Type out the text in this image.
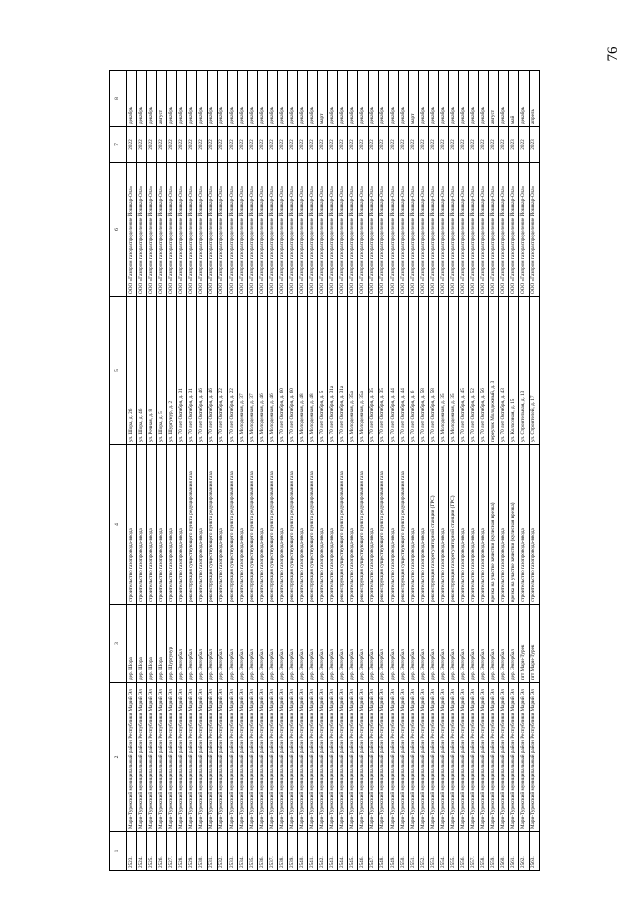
76
1	2	3	4	5	6	7	8
2523.	Мари-Турекский муниципальный район Республики Марий Эл	дер. Шора	строительство газопровода-ввода	ул. Шора, д. 26	ООО «Газпром газораспределение Йошкар-Ола»	2022	декабрь
2524.	Мари-Турекский муниципальный район Республики Марий Эл	дер. Шора	строительство газопровода-ввода	ул. Шора, д. 46	ООО «Газпром газораспределение Йошкар-Ола»	2022	декабрь
2525.	Мари-Турекский муниципальный район Республики Марий Эл	дер. Шора	строительство газопровода-ввода	ул. Речная, д. 8	ООО «Газпром газораспределение Йошкар-Ола»	2022	декабрь
2526.	Мари-Турекский муниципальный район Республики Марий Эл	дер. Шора	строительство газопровода-ввода	ул. Шора, д. 5	ООО «Газпром газораспределение Йошкар-Ола»	2022	август
2527.	Мари-Турекский муниципальный район Республики Марий Эл	дер. Шургунур	строительство газопровода-ввода	ул. Шургунур, д. 2	ООО «Газпром газораспределение Йошкар-Ола»	2022	декабрь
2528.	Мари-Турекский муниципальный район Республики Марий Эл	дер. Энгербал	строительство газопровода-ввода	ул. 70 лет Октября, д. 31	ООО «Газпром газораспределение Йошкар-Ола»	2022	декабрь
2529.	Мари-Турекский муниципальный район Республики Марий Эл	дер. Энгербал	реконструкция существующего пункта редуцирования газа	ул. 70 лет Октября, д. 31	ООО «Газпром газораспределение Йошкар-Ола»	2022	декабрь
2530.	Мари-Турекский муниципальный район Республики Марий Эл	дер. Энгербал	строительство газопровода-ввода	ул. 70 лет Октября, д. 46	ООО «Газпром газораспределение Йошкар-Ола»	2022	декабрь
2531.	Мари-Турекский муниципальный район Республики Марий Эл	дер. Энгербал	реконструкция существующего пункта редуцирования газа	ул. 70 лет Октября, д. 46	ООО «Газпром газораспределение Йошкар-Ола»	2022	декабрь
2532.	Мари-Турекский муниципальный район Республики Марий Эл	дер. Энгербал	строительство газопровода-ввода	ул. 70 лет Октября, д. 22	ООО «Газпром газораспределение Йошкар-Ола»	2022	декабрь
2533.	Мари-Турекский муниципальный район Республики Марий Эл	дер. Энгербал	реконструкция существующего пункта редуцирования газа	ул. 70 лет Октября, д. 22	ООО «Газпром газораспределение Йошкар-Ола»	2022	декабрь
2534.	Мари-Турекский муниципальный район Республики Марий Эл	дер. Энгербал	строительство газопровода-ввода	ул. Молодежная, д. 37	ООО «Газпром газораспределение Йошкар-Ола»	2022	декабрь
2535.	Мари-Турекский муниципальный район Республики Марий Эл	дер. Энгербал	реконструкция существующего пункта редуцирования газа	ул. Молодежная, д. 37	ООО «Газпром газораспределение Йошкар-Ола»	2022	декабрь
2536.	Мари-Турекский муниципальный район Республики Марий Эл	дер. Энгербал	строительство газопровода-ввода	ул. Молодежная, д. 46	ООО «Газпром газораспределение Йошкар-Ола»	2022	декабрь
2537.	Мари-Турекский муниципальный район Республики Марий Эл	дер. Энгербал	реконструкция существующего пункта редуцирования газа	ул. Молодежная, д. 46	ООО «Газпром газораспределение Йошкар-Ола»	2022	декабрь
2538.	Мари-Турекский муниципальный район Республики Марий Эл	дер. Энгербал	строительство газопровода-ввода	ул. 70 лет Октября, д. 60	ООО «Газпром газораспределение Йошкар-Ола»	2022	декабрь
2539.	Мари-Турекский муниципальный район Республики Марий Эл	дер. Энгербал	реконструкция существующего пункта редуцирования газа	ул. 70 лет Октября, д. 60	ООО «Газпром газораспределение Йошкар-Ола»	2022	декабрь
2540.	Мари-Турекский муниципальный район Республики Марий Эл	дер. Энгербал	строительство газопровода-ввода	ул. Молодежная, д. 48	ООО «Газпром газораспределение Йошкар-Ола»	2022	декабрь
2541.	Мари-Турекский муниципальный район Республики Марий Эл	дер. Энгербал	реконструкция существующего пункта редуцирования газа	ул. Молодежная, д. 48	ООО «Газпром газораспределение Йошкар-Ола»	2022	декабрь
2542.	Мари-Турекский муниципальный район Республики Марий Эл	дер. Энгербал	строительство газопровода-ввода	ул. 70 лет Октября, д. 5	ООО «Газпром газораспределение Йошкар-Ола»	2022	март
2543.	Мари-Турекский муниципальный район Республики Марий Эл	дер. Энгербал	строительство газопровода-ввода	ул. 70 лет Октября, д. 31а	ООО «Газпром газораспределение Йошкар-Ола»	2022	декабрь
2544.	Мари-Турекский муниципальный район Республики Марий Эл	дер. Энгербал	реконструкция существующего пункта редуцирования газа	ул. 70 лет Октября, д. 31а	ООО «Газпром газораспределение Йошкар-Ола»	2022	декабрь
2545.	Мари-Турекский муниципальный район Республики Марий Эл	дер. Энгербал	строительство газопровода-ввода	ул. Молодежная, д. 35а	ООО «Газпром газораспределение Йошкар-Ола»	2022	декабрь
2546.	Мари-Турекский муниципальный район Республики Марий Эл	дер. Энгербал	реконструкция существующего пункта редуцирования газа	ул. Молодежная, д. 35а	ООО «Газпром газораспределение Йошкар-Ола»	2022	декабрь
2547.	Мари-Турекский муниципальный район Республики Марий Эл	дер. Энгербал	строительство газопровода-ввода	ул. 70 лет Октября, д. 35	ООО «Газпром газораспределение Йошкар-Ола»	2022	декабрь
2548.	Мари-Турекский муниципальный район Республики Марий Эл	дер. Энгербал	реконструкция существующего пункта редуцирования газа	ул. 70 лет Октября, д. 35	ООО «Газпром газораспределение Йошкар-Ола»	2022	декабрь
2549.	Мари-Турекский муниципальный район Республики Марий Эл	дер. Энгербал	строительство газопровода-ввода	ул. 70 лет Октября, д. 44	ООО «Газпром газораспределение Йошкар-Ола»	2022	декабрь
2550.	Мари-Турекский муниципальный район Республики Марий Эл	дер. Энгербал	реконструкция существующего пункта редуцирования газа	ул. 70 лет Октября, д. 44	ООО «Газпром газораспределение Йошкар-Ола»	2022	декабрь
2551.	Мари-Турекский муниципальный район Республики Марий Эл	дер. Энгербал	строительство газопровода-ввода	ул. 70 лет Октября, д. 6	ООО «Газпром газораспределение Йошкар-Ола»	2022	март
2552.	Мари-Турекский муниципальный район Республики Марий Эл	дер. Энгербал	строительство газопровода-ввода	ул. 70 лет Октября, д. 58	ООО «Газпром газораспределение Йошкар-Ола»	2022	декабрь
2553.	Мари-Турекский муниципальный район Республики Марий Эл	дер. Энгербал	реконструкция газорегуляторной станции (ГРС)	ул. 70 лет Октября, д. 58	ООО «Газпром газораспределение Йошкар-Ола»	2022	декабрь
2554.	Мари-Турекский муниципальный район Республики Марий Эл	дер. Энгербал	строительство газопровода-ввода	ул. Молодежная, д. 35	ООО «Газпром газораспределение Йошкар-Ола»	2022	декабрь
2555.	Мари-Турекский муниципальный район Республики Марий Эл	дер. Энгербал	реконструкция газорегуляторной станции (ГРС)	ул. Молодежная, д. 35	ООО «Газпром газораспределение Йошкар-Ола»	2022	декабрь
2556.	Мари-Турекский муниципальный район Республики Марий Эл	дер. Энгербал	строительство газопровода-ввода	ул. 70 лет Октября, д. 45	ООО «Газпром газораспределение Йошкар-Ола»	2022	декабрь
2557.	Мари-Турекский муниципальный район Республики Марий Эл	дер. Энгербал	строительство газопровода-ввода	ул. 70 лет Октября, д. 52	ООО «Газпром газораспределение Йошкар-Ола»	2022	декабрь
2558.	Мари-Турекский муниципальный район Республики Марий Эл	дер. Энгербал	строительство газопровода-ввода	ул. 70 лет Октября, д. 56	ООО «Газпром газораспределение Йошкар-Ола»	2022	декабрь
2559.	Мари-Турекский муниципальный район Республики Марий Эл	дер. Энгербал	врезка на участке зачистки (кулисная врезка)	переулок Молодежный, д. 3	ООО «Газпром газораспределение Йошкар-Ола»	2022	август
2560.	Мари-Турекский муниципальный район Республики Марий Эл	дер. Энгербал	строительство газопровода-ввода	ул. 70 лет Октября, д. 43	ООО «Газпром газораспределение Йошкар-Ола»	2022	декабрь
2561.	Мари-Турекский муниципальный район Республики Марий Эл	дер. Энгербал	врезка на участке зачистки (кулисная врезка)	ул. Колхозная, д. 15	ООО «Газпром газораспределение Йошкар-Ола»	2023	май
2562.	Мари-Турекский муниципальный район Республики Марий Эл	пгт Мари-Турек	строительство газопровода-ввода	ул. Строительная, д. 13	ООО «Газпром газораспределение Йошкар-Ола»	2022	декабрь
2563.	Мари-Турекский муниципальный район Республики Марий Эл	пгт Мари-Турек	строительство газопровода-ввода	ул. Строителей, д. 17	ООО «Газпром газораспределение Йошкар-Ола»	2023	апрель
